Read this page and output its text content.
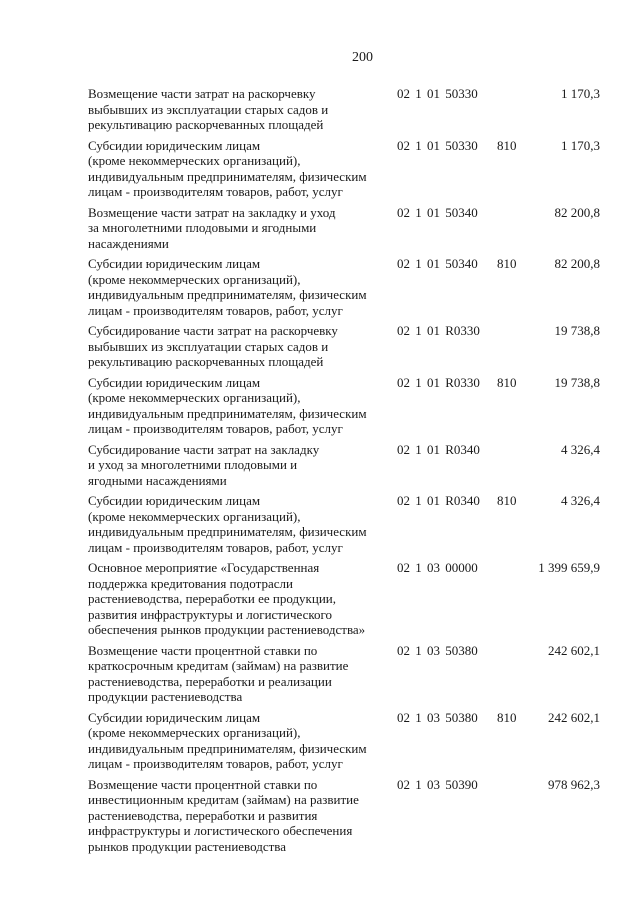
200
Возмещение части затрат на раскорчевку
выбывших из эксплуатации старых садов и
рекультивацию раскорчеванных площадей
02 1 01 50330	1 170,3
Субсидии юридическим лицам
(кроме некоммерческих организаций),
индивидуальным предпринимателям, физическим
лицам - производителям товаров, работ, услуг
02 1 01 50330	810	1 170,3
Возмещение части затрат на закладку и уход
за многолетними плодовыми и ягодными
насаждениями
02 1 01 50340	82 200,8
Субсидии юридическим лицам
(кроме некоммерческих организаций),
индивидуальным предпринимателям, физическим
лицам - производителям товаров, работ, услуг
02 1 01 50340	810	82 200,8
Субсидирование части затрат на раскорчевку
выбывших из эксплуатации старых садов и
рекультивацию раскорчеванных площадей
02 1 01 R0330	19 738,8
Субсидии юридическим лицам
(кроме некоммерческих организаций),
индивидуальным предпринимателям, физическим
лицам - производителям товаров, работ, услуг
02 1 01 R0330	810	19 738,8
Субсидирование части затрат на закладку
и уход за многолетними плодовыми и
ягодными насаждениями
02 1 01 R0340	4 326,4
Субсидии юридическим лицам
(кроме некоммерческих организаций),
индивидуальным предпринимателям, физическим
лицам - производителям товаров, работ, услуг
02 1 01 R0340	810	4 326,4
Основное мероприятие «Государственная
поддержка кредитования подотрасли
растениеводства, переработки ее продукции,
развития инфраструктуры и логистического
обеспечения рынков продукции растениеводства»
02 1 03 00000	1 399 659,9
Возмещение части процентной ставки по
краткосрочным кредитам (займам) на развитие
растениеводства, переработки и реализации
продукции растениеводства
02 1 03 50380	242 602,1
Субсидии юридическим лицам
(кроме некоммерческих организаций),
индивидуальным предпринимателям, физическим
лицам - производителям товаров, работ, услуг
02 1 03 50380	810	242 602,1
Возмещение части процентной ставки по
инвестиционным кредитам (займам) на развитие
растениеводства, переработки и развития
инфраструктуры и логистического обеспечения
рынков продукции растениеводства
02 1 03 50390	978 962,3
